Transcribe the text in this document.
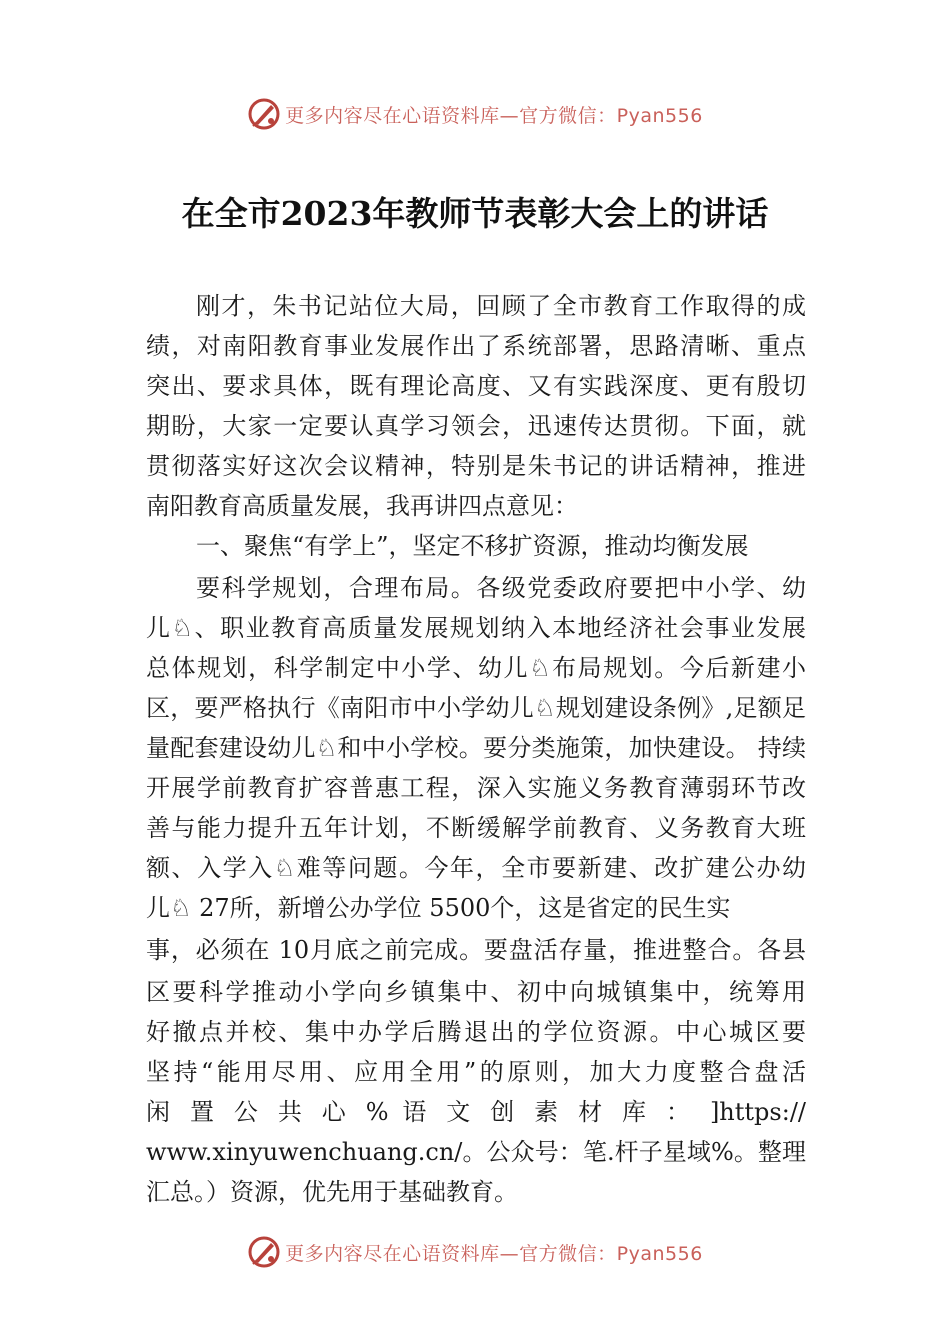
更多内容尽在心语资料库—官方微信：Pyan556
在全市2023年教师节表彰大会上的讲话
刚才，朱书记站位大局，回顾了全市教育工作取得的成
绩，对南阳教育事业发展作出了系统部署，思路清晰、重点
突出、要求具体，既有理论高度、又有实践深度、更有殷切
期盼，大家一定要认真学习领会，迅速传达贯彻。下面，就
贯彻落实好这次会议精神，特别是朱书记的讲话精神，推进
南阳教育高质量发展，我再讲四点意见：
一、聚焦“有学上”，坚定不移扩资源，推动均衡发展
要科学规划，合理布局。各级党委政府要把中小学、幼
儿♘、职业教育高质量发展规划纳入本地经济社会事业发展
总体规划，科学制定中小学、幼儿♘布局规划。今后新建小
区，要严格执行《南阳市中小学幼儿♘规划建设条例》,足额足
量配套建设幼儿♘和中小学校。要分类施策，加快建设。 持续
开展学前教育扩容普惠工程，深入实施义务教育薄弱环节改
善与能力提升五年计划，不断缓解学前教育、义务教育大班
额、入学入♘难等问题。今年，全市要新建、改扩建公办幼
儿♘ 27所，新增公办学位 5500个，这是省定的民生实
事，必须在 10月底之前完成。要盘活存量，推进整合。各县
区要科学推动小学向乡镇集中、初中向城镇集中，统筹用
好撤点并校、集中办学后腾退出的学位资源。中心城区要
坚持“能用尽用、应用全用”的原则，加大力度整合盘活
闲 置 公 共 心 % 语 文 创 素 材 库 ： ]https://
www.xinyuwenchuang.cn/。公众号：笔.杆子星域%。整理
汇总。）资源，优先用于基础教育。
更多内容尽在心语资料库—官方微信：Pyan556
